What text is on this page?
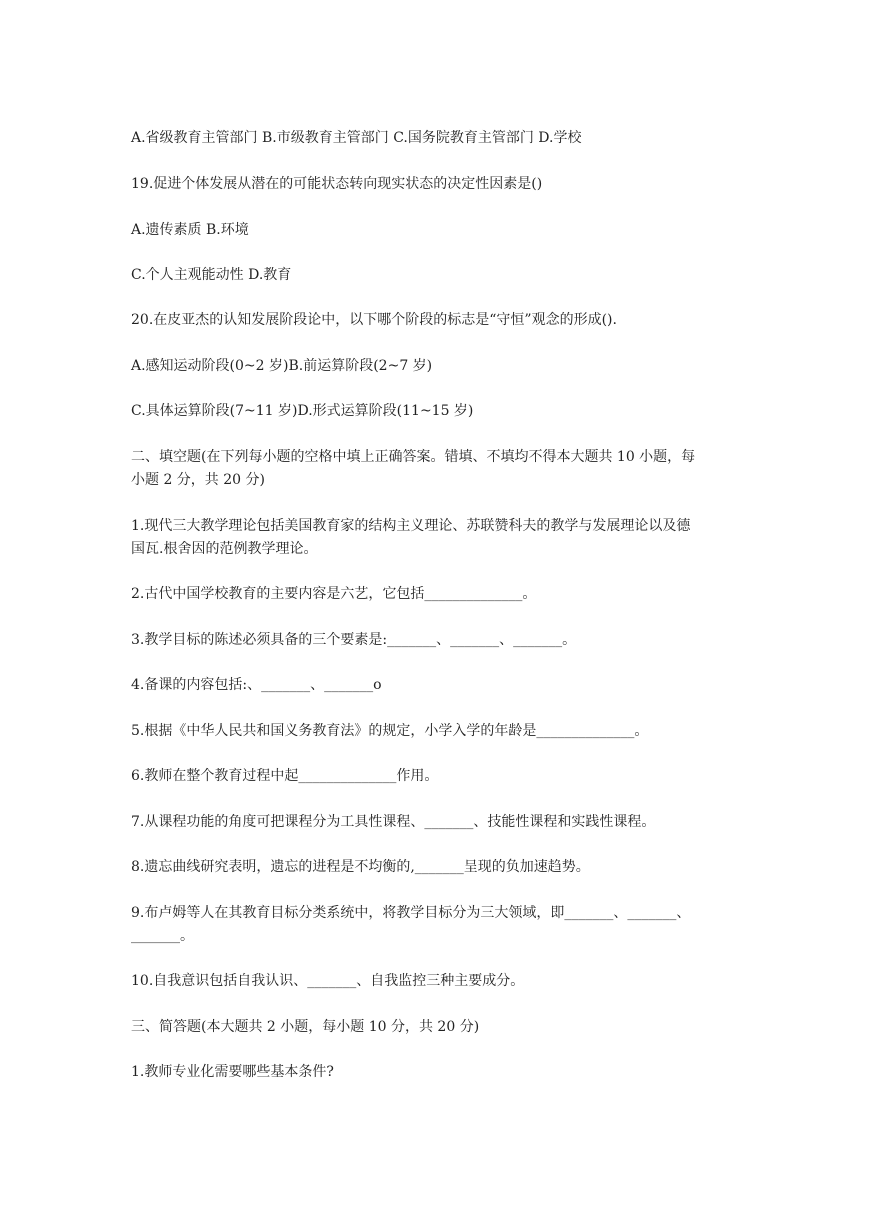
A.省级教育主管部门 B.市级教育主管部门 C.国务院教育主管部门 D.学校
19.促进个体发展从潜在的可能状态转向现实状态的决定性因素是()
A.遗传素质 B.环境
C.个人主观能动性 D.教育
20.在皮亚杰的认知发展阶段论中，以下哪个阶段的标志是“守恒”观念的形成().
A.感知运动阶段(0~2 岁)B.前运算阶段(2~7 岁)
C.具体运算阶段(7~11 岁)D.形式运算阶段(11~15 岁)
二、填空题(在下列每小题的空格中填上正确答案。错填、不填均不得本大题共 10 小题，每
小题 2 分，共 20 分)
1.现代三大教学理论包括美国教育家的结构主义理论、苏联赞科夫的教学与发展理论以及德
国瓦.根舍因的范例教学理论。
2.古代中国学校教育的主要内容是六艺，它包括______________。
3.教学目标的陈述必须具备的三个要素是:_______、_______、_______。
4.备课的内容包括:、_______、_______o
5.根据《中华人民共和国义务教育法》的规定，小学入学的年龄是______________。
6.教师在整个教育过程中起______________作用。
7.从课程功能的角度可把课程分为工具性课程、_______、技能性课程和实践性课程。
8.遗忘曲线研究表明，遗忘的进程是不均衡的,_______呈现的负加速趋势。
9.布卢姆等人在其教育目标分类系统中，将教学目标分为三大领域，即_______、_______、
_______。
10.自我意识包括自我认识、_______、自我监控三种主要成分。
三、简答题(本大题共 2 小题，每小题 10 分，共 20 分)
1.教师专业化需要哪些基本条件?
